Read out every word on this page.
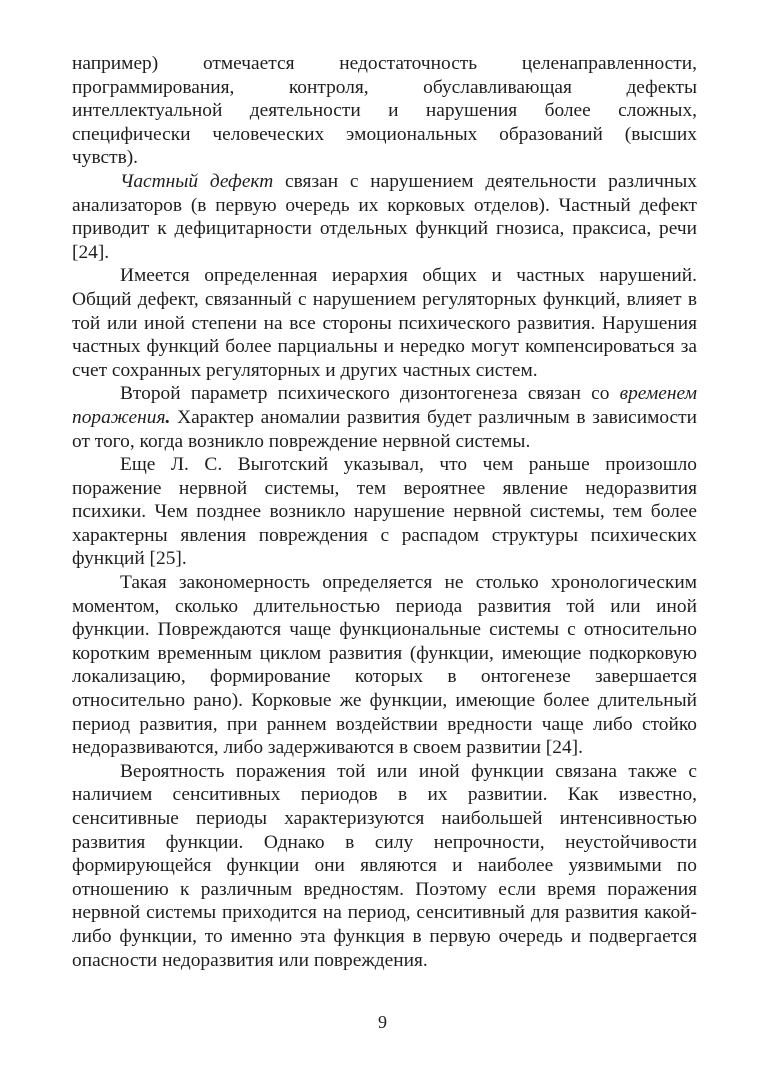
например) отмечается недостаточность целенаправленности, программирования, контроля, обуславливающая дефекты интеллектуальной деятельности и нарушения более сложных, специфически человеческих эмоциональных образований (высших чувств).

Частный дефект связан с нарушением деятельности различных анализаторов (в первую очередь их корковых отделов). Частный дефект приводит к дефицитарности отдельных функций гнозиса, праксиса, речи [24].

Имеется определенная иерархия общих и частных нарушений. Общий дефект, связанный с нарушением регуляторных функций, влияет в той или иной степени на все стороны психического развития. Нарушения частных функций более парциальны и нередко могут компенсироваться за счет сохранных регуляторных и других частных систем.

Второй параметр психического дизонтогенеза связан со временем поражения. Характер аномалии развития будет различным в зависимости от того, когда возникло повреждение нервной системы.

Еще Л. С. Выготский указывал, что чем раньше произошло поражение нервной системы, тем вероятнее явление недоразвития психики. Чем позднее возникло нарушение нервной системы, тем более характерны явления повреждения с распадом структуры психических функций [25].

Такая закономерность определяется не столько хронологическим моментом, сколько длительностью периода развития той или иной функции. Повреждаются чаще функциональные системы с относительно коротким временным циклом развития (функции, имеющие подкорковую локализацию, формирование которых в онтогенезе завершается относительно рано). Корковые же функции, имеющие более длительный период развития, при раннем воздействии вредности чаще либо стойко недоразвиваются, либо задерживаются в своем развитии [24].

Вероятность поражения той или иной функции связана также с наличием сенситивных периодов в их развитии. Как известно, сенситивные периоды характеризуются наибольшей интенсивностью развития функции. Однако в силу непрочности, неустойчивости формирующейся функции они являются и наиболее уязвимыми по отношению к различным вредностям. Поэтому если время поражения нервной системы приходится на период, сенситивный для развития какой-либо функции, то именно эта функция в первую очередь и подвергается опасности недоразвития или повреждения.

9
